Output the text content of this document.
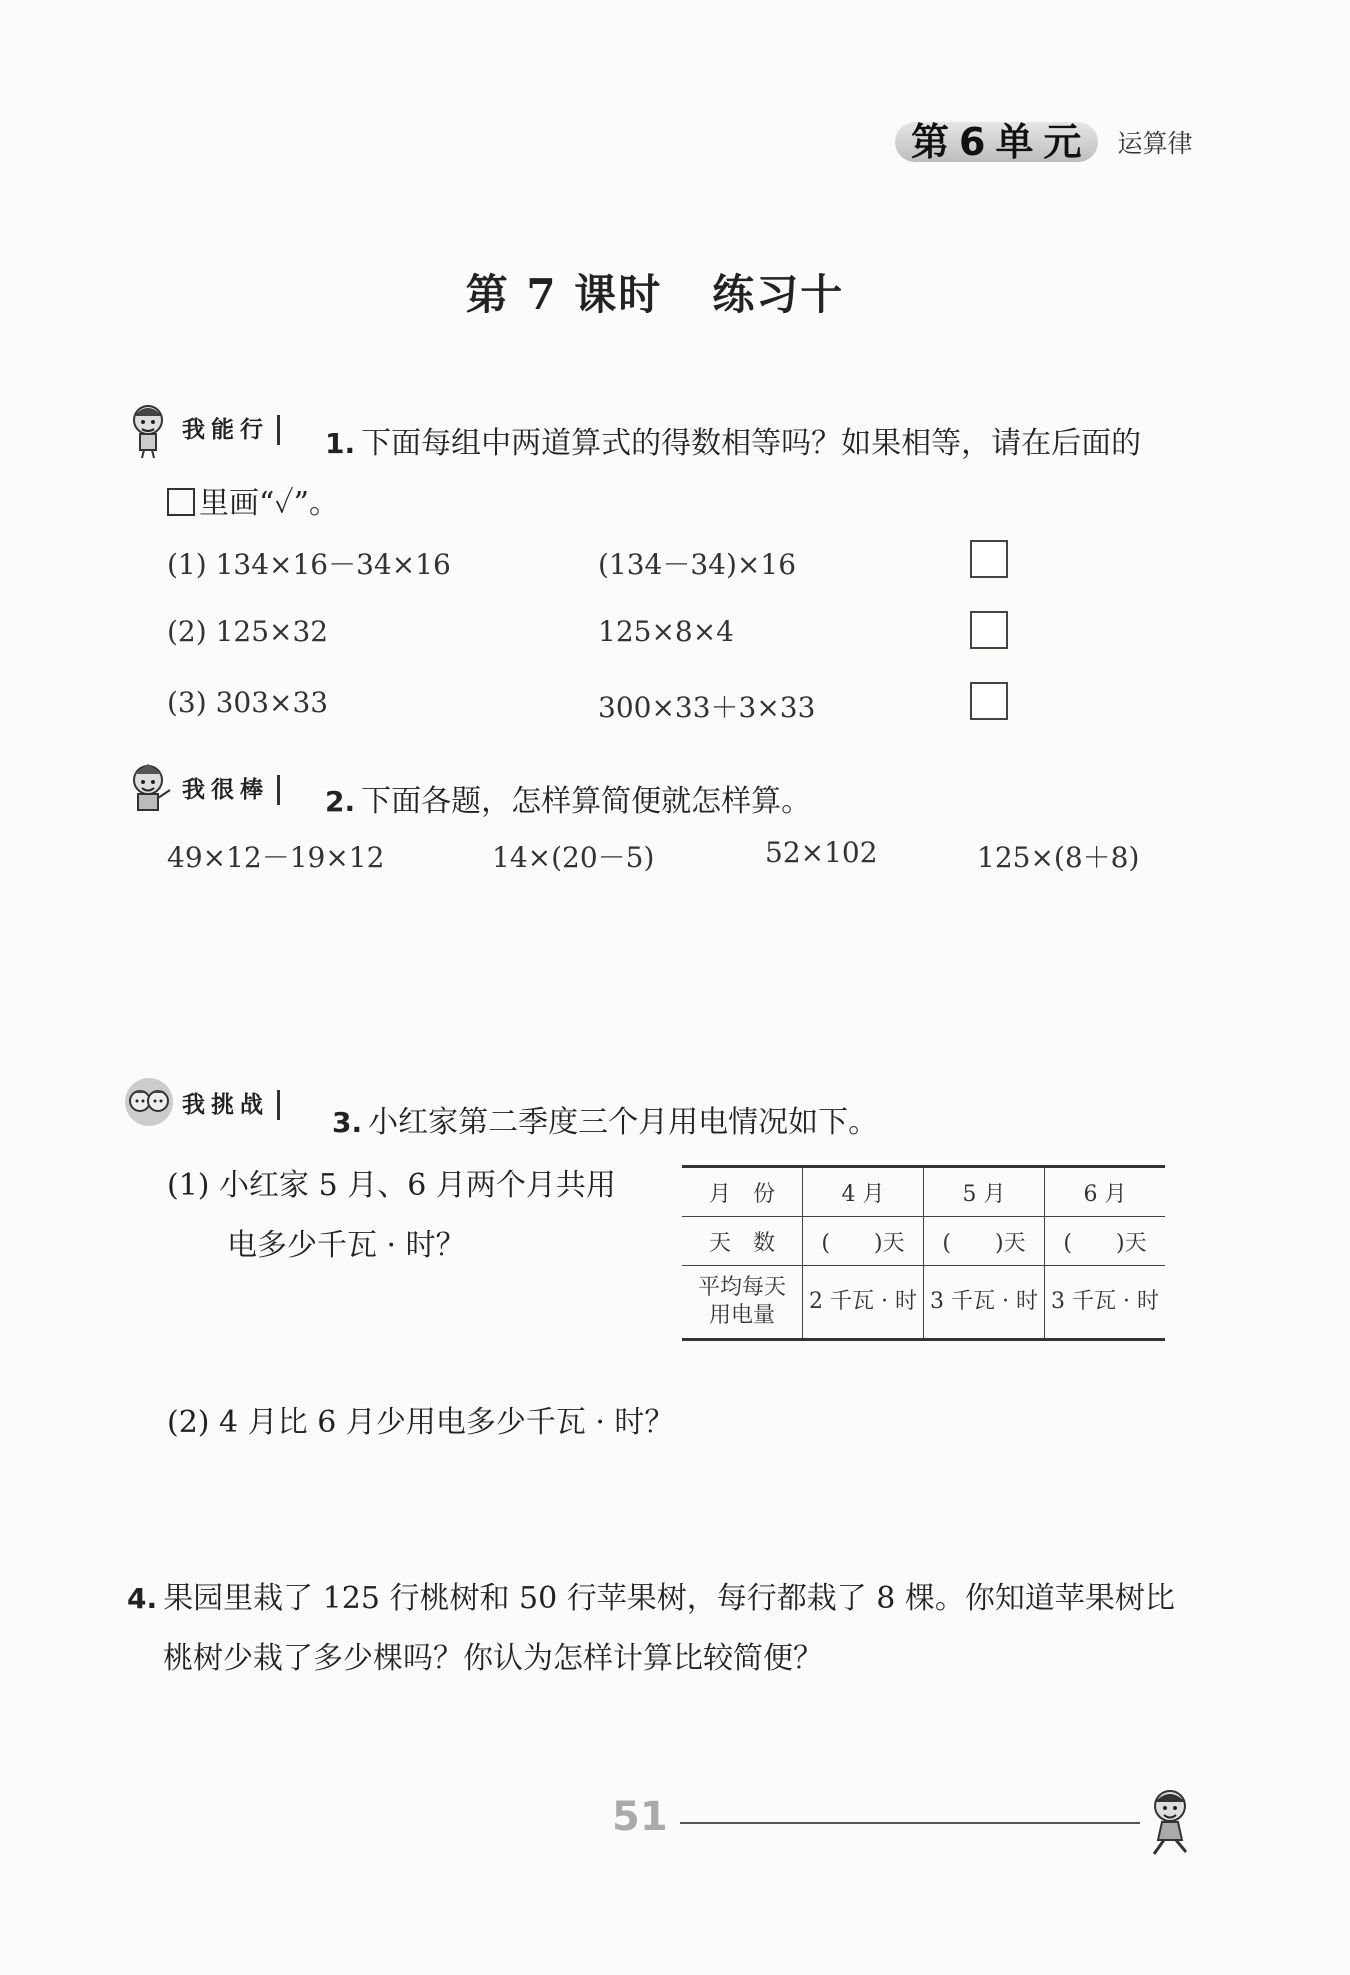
第 6 单 元 运算律
第 7 课时 练习十
我能行	1. 下面每组中两道算式的得数相等吗？如果相等，请在后面的
里画“✓”。
(1) 134×16－34×16	(134－34)×16
(2) 125×32	125×8×4
(3) 303×33	300×33＋3×33
我很棒	2. 下面各题，怎样算简便就怎样算。
49×12－19×12	14×(20－5)	52×102	125×(8＋8)
我挑战
3. 小红家第二季度三个月用电情况如下。
(1) 小红家 5 月、6 月两个月共用
电多少千瓦 · 时？
月　份	4 月	5 月	6 月
天　数	(　　)天	(　　)天	(　　)天

平均每天
用电量	2 千瓦 · 时	3 千瓦 · 时	3 千瓦 · 时
(2) 4 月比 6 月少用电多少千瓦 · 时？
4. 果园里栽了 125 行桃树和 50 行苹果树，每行都栽了 8 棵。你知道苹果树比
桃树少栽了多少棵吗？你认为怎样计算比较简便？
51
